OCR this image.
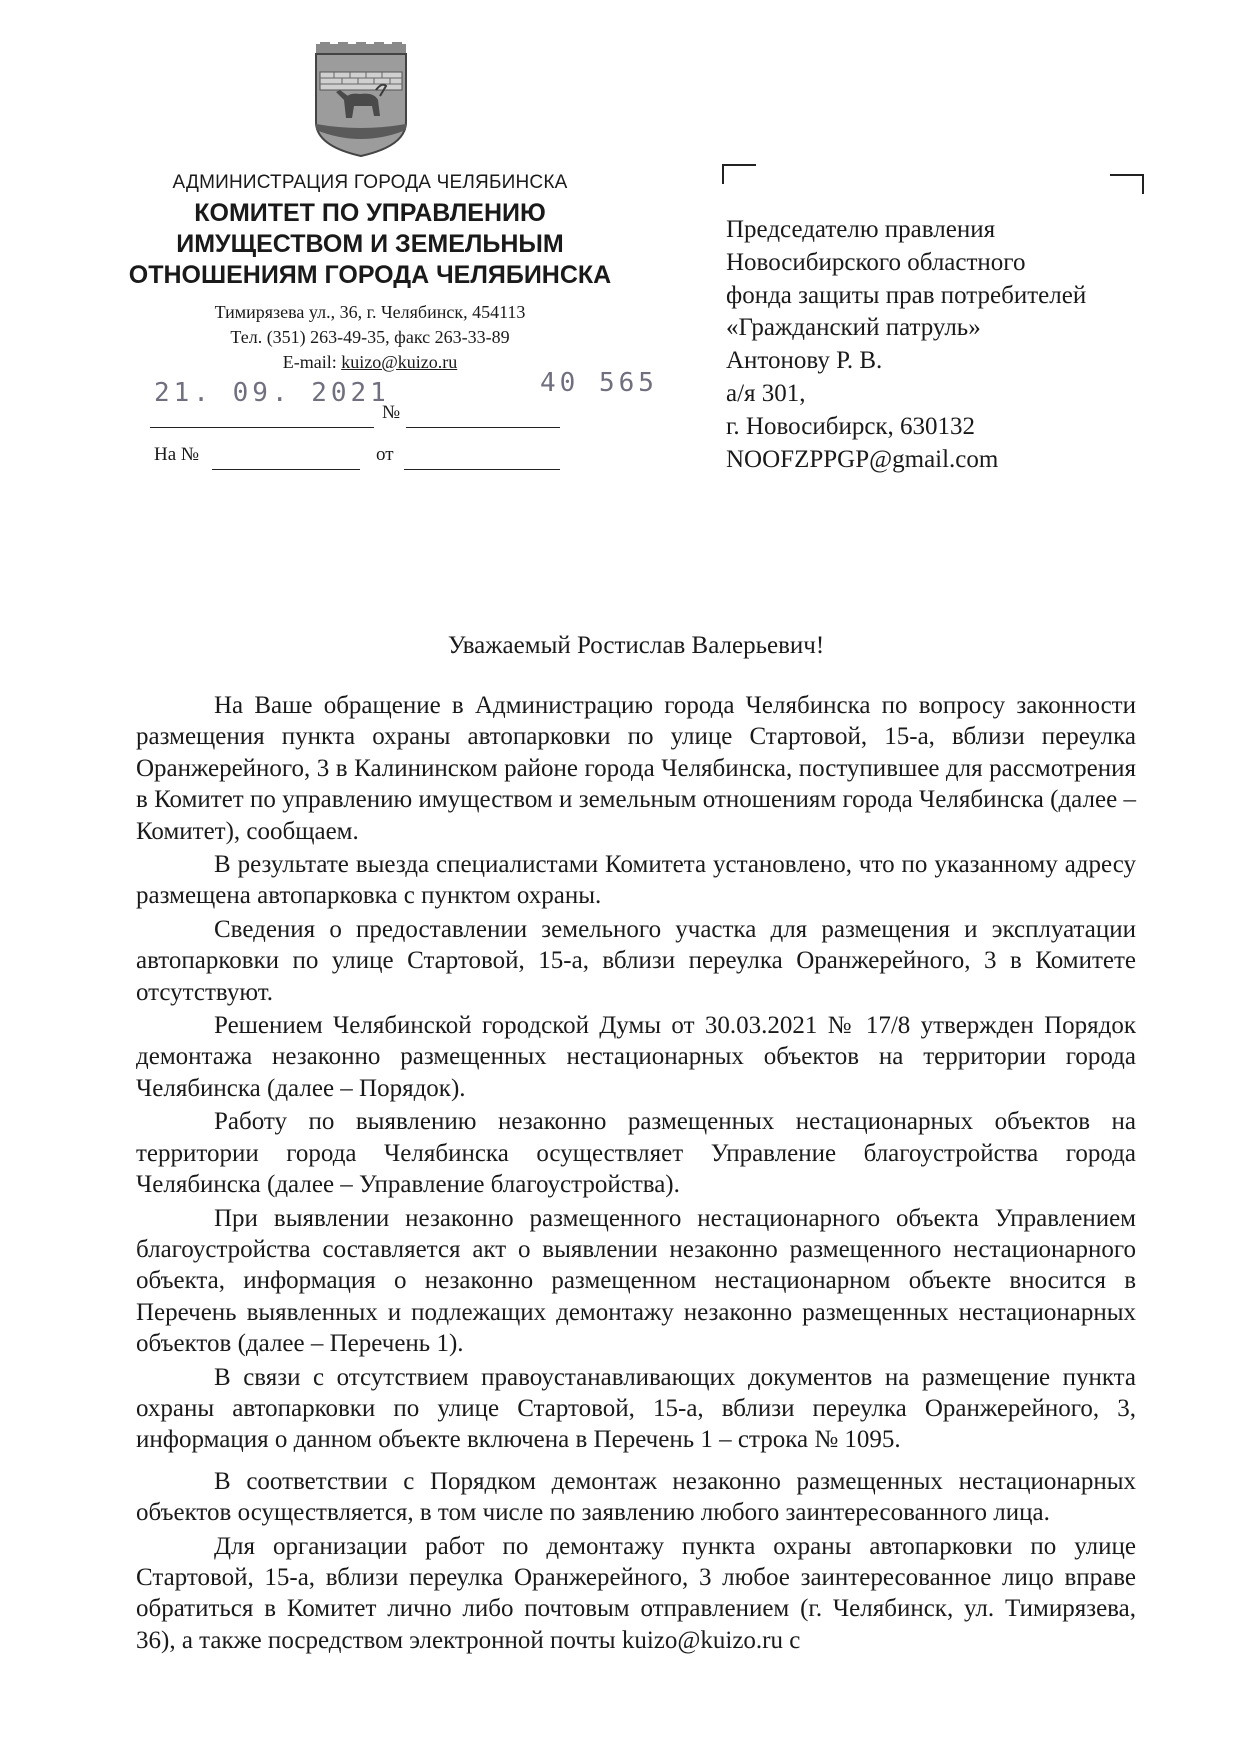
АДМИНИСТРАЦИЯ ГОРОДА ЧЕЛЯБИНСКА
КОМИТЕТ ПО УПРАВЛЕНИЮ
ИМУЩЕСТВОМ И ЗЕМЕЛЬНЫМ
ОТНОШЕНИЯМ ГОРОДА ЧЕЛЯБИНСКА
Тимирязева ул., 36, г. Челябинск, 454113
Тел. (351) 263-49-35, факс 263-33-89
E-mail: kuizo@kuizo.ru
№
21. 09. 2021	40 565
На №	от
Председателю правления
Новосибирского областного
фонда защиты прав потребителей
«Гражданский патруль»
Антонову Р. В.
а/я 301,
г. Новосибирск, 630132
NOOFZPPGP@gmail.com
Уважаемый Ростислав Валерьевич!

На Ваше обращение в Администрацию города Челябинска по вопросу законности размещения пункта охраны автопарковки по улице Стартовой, 15-а, вблизи переулка Оранжерейного, 3 в Калининском районе города Челябинска, поступившее для рассмотрения в Комитет по управлению имуществом и земельным отношениям города Челябинска (далее – Комитет), сообщаем.

В результате выезда специалистами Комитета установлено, что по указанному адресу размещена автопарковка с пунктом охраны.

Сведения о предоставлении земельного участка для размещения и эксплуатации автопарковки по улице Стартовой, 15-а, вблизи переулка Оранжерейного, 3 в Комитете отсутствуют.

Решением Челябинской городской Думы от 30.03.2021 № 17/8 утвержден Порядок демонтажа незаконно размещенных нестационарных объектов на территории города Челябинска (далее – Порядок).

Работу по выявлению незаконно размещенных нестационарных объектов на территории города Челябинска осуществляет Управление благоустройства города Челябинска (далее – Управление благоустройства).

При выявлении незаконно размещенного нестационарного объекта Управлением благоустройства составляется акт о выявлении незаконно размещенного нестационарного объекта, информация о незаконно размещенном нестационарном объекте вносится в Перечень выявленных и подлежащих демонтажу незаконно размещенных нестационарных объектов (далее – Перечень 1).

В связи с отсутствием правоустанавливающих документов на размещение пункта охраны автопарковки по улице Стартовой, 15-а, вблизи переулка Оранжерейного, 3, информация о данном объекте включена в Перечень 1 – строка № 1095.

В соответствии с Порядком демонтаж незаконно размещенных нестационарных объектов осуществляется, в том числе по заявлению любого заинтересованного лица.

Для организации работ по демонтажу пункта охраны автопарковки по улице Стартовой, 15-а, вблизи переулка Оранжерейного, 3 любое заинтересованное лицо вправе обратиться в Комитет лично либо почтовым отправлением (г. Челябинск, ул. Тимирязева, 36), а также посредством электронной почты kuizo@kuizo.ru с
